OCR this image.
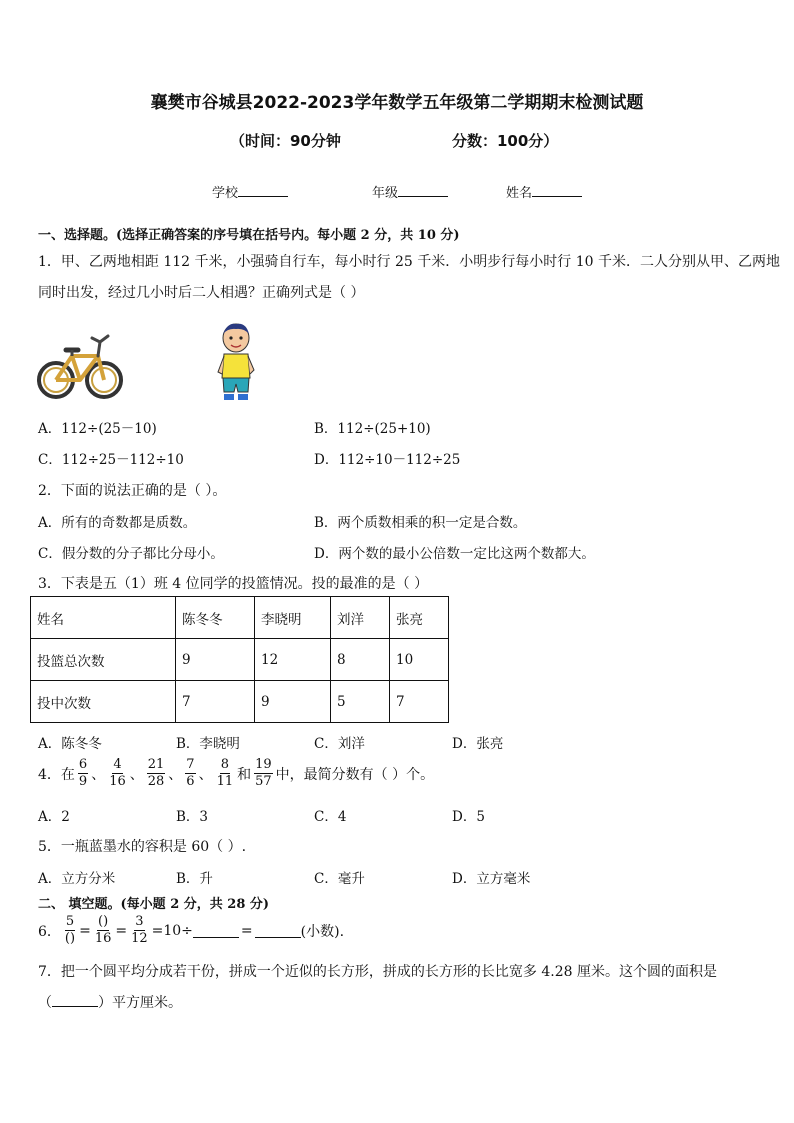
襄樊市谷城县2022-2023学年数学五年级第二学期期末检测试题
（时间：90分钟	分数：100分）
学校	年级	姓名
一、选择题。(选择正确答案的序号填在括号内。每小题 2 分，共 10 分)
1．甲、乙两地相距 112 千米，小强骑自行车，每小时行 25 千米．小明步行每小时行 10 千米．二人分别从甲、乙两地
同时出发，经过几小时后二人相遇？正确列式是（ ）
A．112÷(25－10)	B．112÷(25+10)
C．112÷25－112÷10	D．112÷10－112÷25
2．下面的说法正确的是（ ）。
A．所有的奇数都是质数。	B．两个质数相乘的积一定是合数。
C．假分数的分子都比分母小。	D．两个数的最小公倍数一定比这两个数都大。
3．下表是五（1）班 4 位同学的投篮情况。投的最准的是（ ）
姓名	陈冬冬	李晓明	刘洋	张亮
投篮总次数	9	12	8	10
投中次数	7	9	5	7
A．陈冬冬	B．李晓明	C．刘洋	D．张亮
4．在 $\frac{6}{9}$ 、 $\frac{4}{16}$ 、 $\frac{21}{28}$ 、 $\frac{7}{6}$ 、 $\frac{8}{11}$ 和 $\frac{19}{57}$ 中，最简分数有（ ）个。
A．2	B．3	C．4	D．5
5．一瓶蓝墨水的容积是 60（ ）.
A．立方分米	B．升	C．毫升	D．立方毫米
二、 填空题。(每小题 2 分，共 28 分)
6． $\frac{5}{()} = \frac{()}{16} = \frac{3}{12} =10\div$	=	(小数).
7．把一个圆平均分成若干份，拼成一个近似的长方形，拼成的长方形的长比宽多 4.28 厘米。这个圆的面积是
（	）平方厘米。
